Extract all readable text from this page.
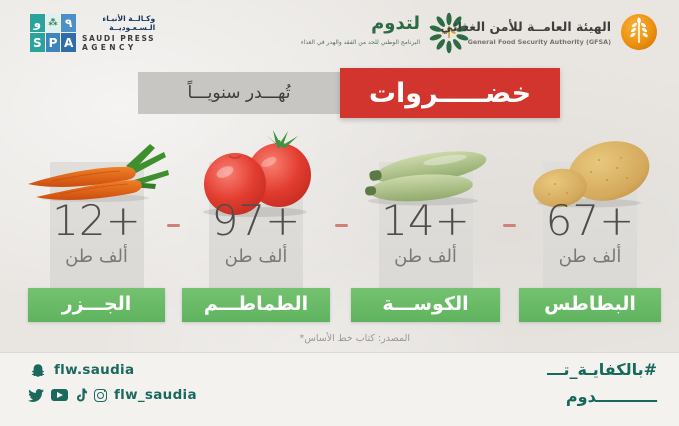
و ⁂ ٩
S P A
وكـالــة الأنبـاء
الـسـعـوديــة
SAUDI PRESS
AGENCY
لتدوم
البرنامج الوطني للحد من الفقد والهدر في الغذاء
الهيئة العامــة للأمن الغذائي
General Food Security Authority (GFSA)
تُهـــدر سنويـــاً	خضـــــروات
12+
ألف طن
الجـــزر
97+
ألف طن
الطماطـــم
14+
ألف طن
الكوســـة
67+
ألف طن
البطاطس
المصدر: كتاب خط الأساس*
flw.saudia
flw_saudia
#بالكفايـة_تـــ
ـــــــــــدوم
